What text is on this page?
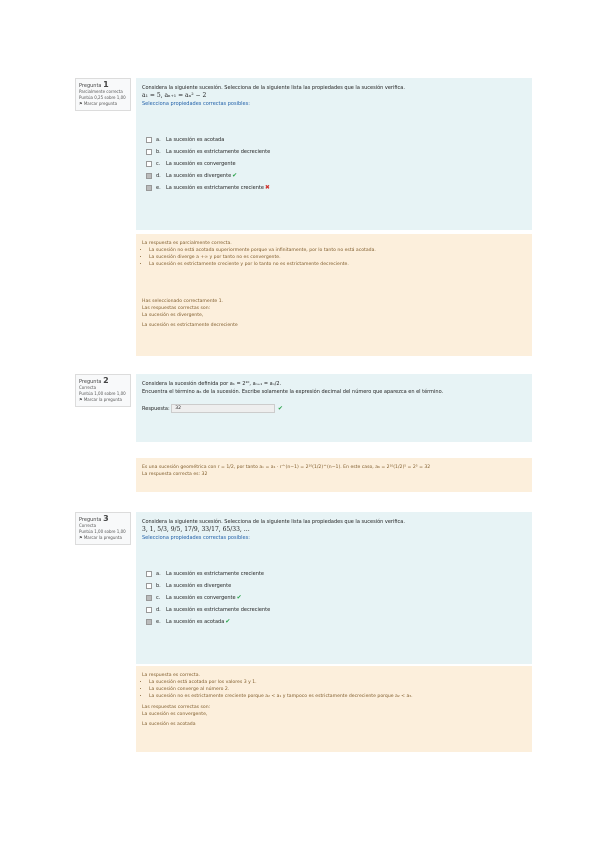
Pregunta 1
Parcialmente correcta
Puntúa 0,25 sobre 1,00
⚑ Marcar pregunta
Considera la siguiente sucesión. Selecciona de la siguiente lista las propiedades que la sucesión verifica.
a₁ = 5, aₙ₊₁ = aₙ² − 2
Selecciona propiedades correctas posibles:
a.	La sucesión es acotada
b.	La sucesión es estrictamente decreciente
c.	La sucesión es convergente
d.	La sucesión es divergente ✔
e.	La sucesión es estrictamente creciente ✖
La respuesta es parcialmente correcta.
• La sucesión no está acotada superiormente porque va infinitamente, por lo tanto no está acotada.
• La sucesión diverge a +∞ y por tanto no es convergente.
• La sucesión es estrictamente creciente y por lo tanto no es estrictamente decreciente.
Has seleccionado correctamente 1.
Las respuestas correctas son:
La sucesión es divergente,
La sucesión es estrictamente decreciente
Pregunta 2
Correcta
Puntúa 1,00 sobre 1,00
⚑ Marcar la pregunta
Considera la sucesión definida por a₁ = 2¹⁰, aₙ₊₁ = aₙ/2.
Encuentra el término a₆ de la sucesión. Escribe solamente la expresión decimal del número que aparezca en el término.
Respuesta: 32	✔
Es una sucesión geométrica con r = 1/2, por tanto aₙ = a₁ · r^(n−1) = 2¹⁰(1/2)^(n−1). En este caso, a₆ = 2¹⁰(1/2)⁵ = 2⁵ = 32
La respuesta correcta es: 32
Pregunta 3
Correcta
Puntúa 1,00 sobre 1,00
⚑ Marcar la pregunta
Considera la siguiente sucesión. Selecciona de la siguiente lista las propiedades que la sucesión verifica.
3, 1, 5/3, 9/5, 17/9, 33/17, 65/33, …
Selecciona propiedades correctas posibles:
a.	La sucesión es estrictamente creciente
b.	La sucesión es divergente
c.	La sucesión es convergente ✔
d.	La sucesión es estrictamente decreciente
e.	La sucesión es acotada ✔
La respuesta es correcta.
• La sucesión está acotada por los valores 3 y 1.
• La sucesión converge al número 2.
• La sucesión no es estrictamente creciente porque a₂ < a₁ y tampoco es estrictamente decreciente porque a₂ < a₃.
Las respuestas correctas son:
La sucesión es convergente,
La sucesión es acotada
